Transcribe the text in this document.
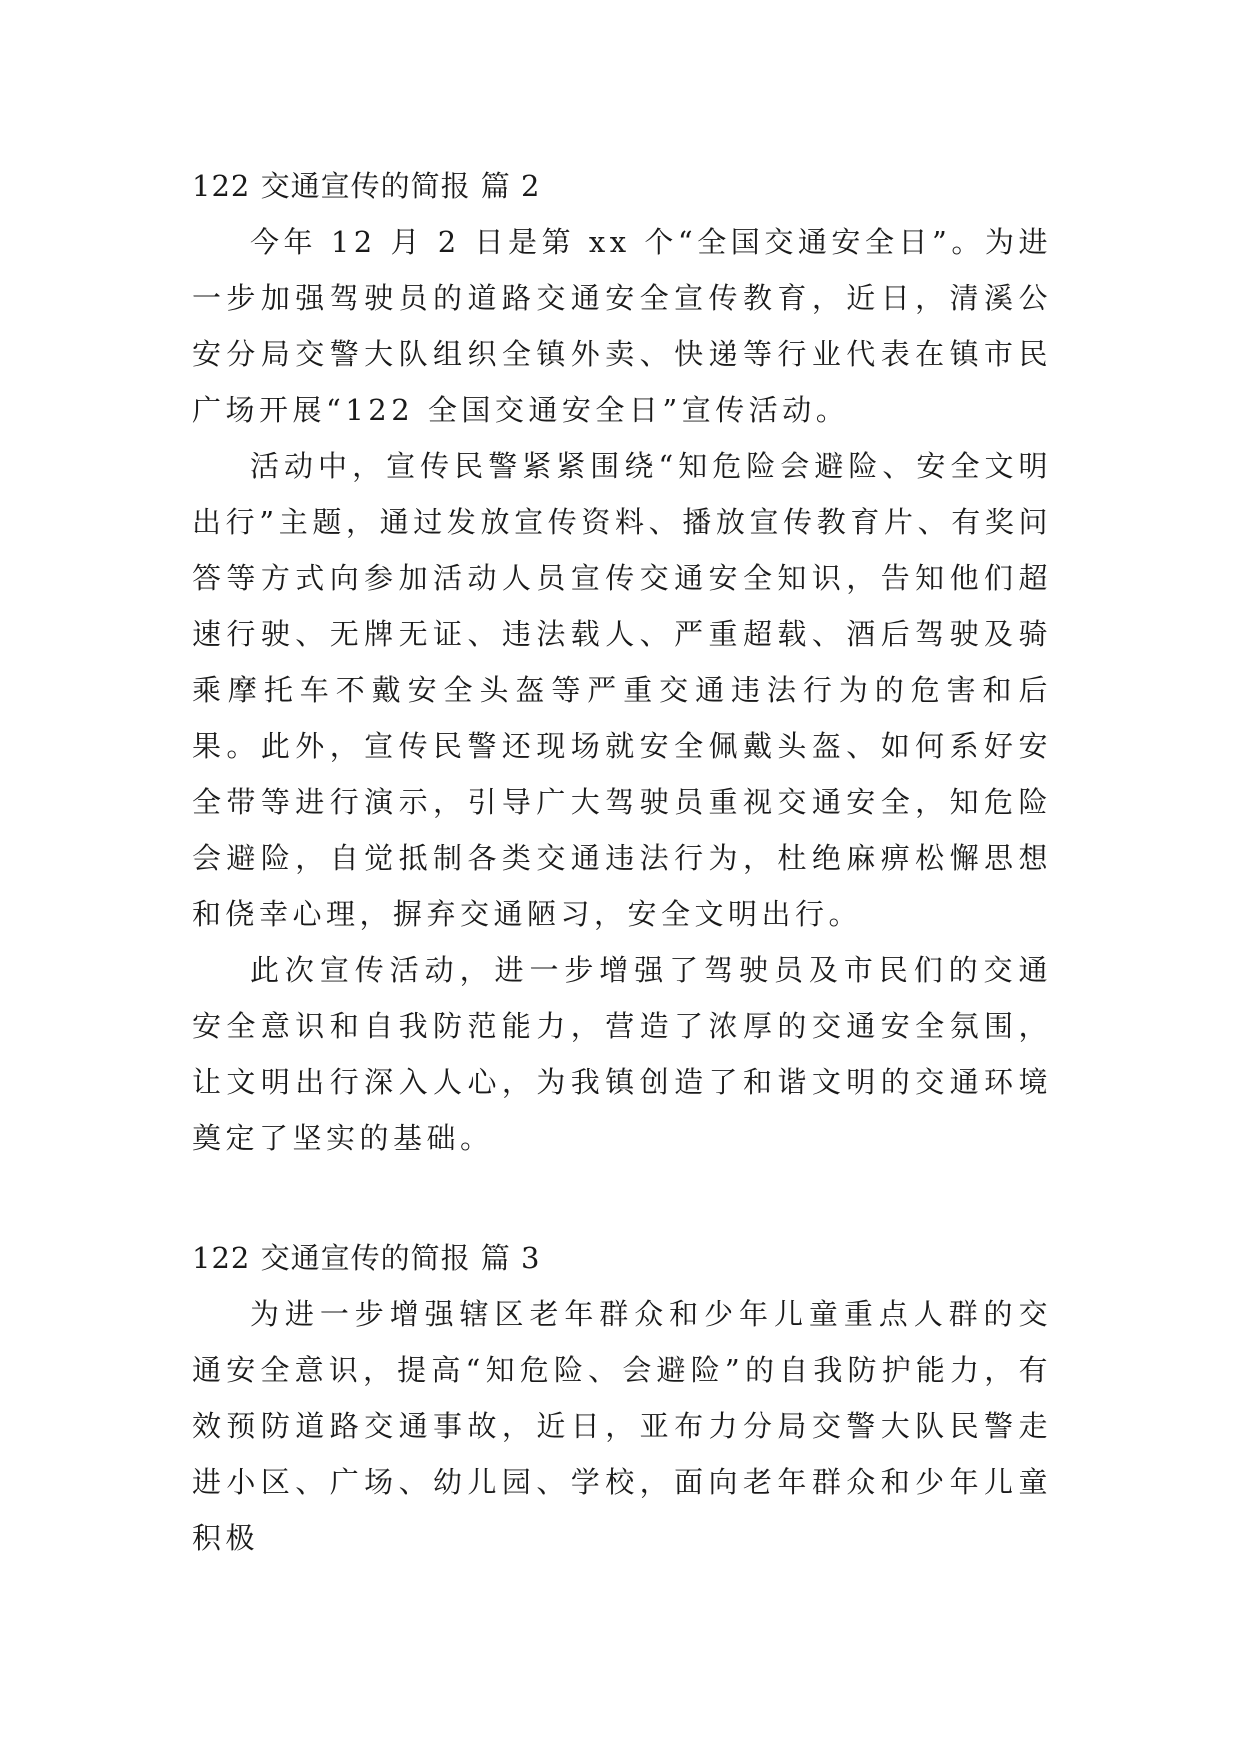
122 交通宣传的简报 篇 2

今年 12 月 2 日是第 xx 个“全国交通安全日”。为进一步加强驾驶员的道路交通安全宣传教育，近日，清溪公安分局交警大队组织全镇外卖、快递等行业代表在镇市民广场开展“122 全国交通安全日”宣传活动。

活动中，宣传民警紧紧围绕“知危险会避险、安全文明出行”主题，通过发放宣传资料、播放宣传教育片、有奖问答等方式向参加活动人员宣传交通安全知识，告知他们超速行驶、无牌无证、违法载人、严重超载、酒后驾驶及骑乘摩托车不戴安全头盔等严重交通违法行为的危害和后果。此外，宣传民警还现场就安全佩戴头盔、如何系好安全带等进行演示，引导广大驾驶员重视交通安全，知危险会避险，自觉抵制各类交通违法行为，杜绝麻痹松懈思想和侥幸心理，摒弃交通陋习，安全文明出行。

此次宣传活动，进一步增强了驾驶员及市民们的交通安全意识和自我防范能力，营造了浓厚的交通安全氛围，让文明出行深入人心，为我镇创造了和谐文明的交通环境奠定了坚实的基础。

122 交通宣传的简报 篇 3

为进一步增强辖区老年群众和少年儿童重点人群的交通安全意识，提高“知危险、会避险”的自我防护能力，有效预防道路交通事故，近日，亚布力分局交警大队民警走进小区、广场、幼儿园、学校，面向老年群众和少年儿童积极
